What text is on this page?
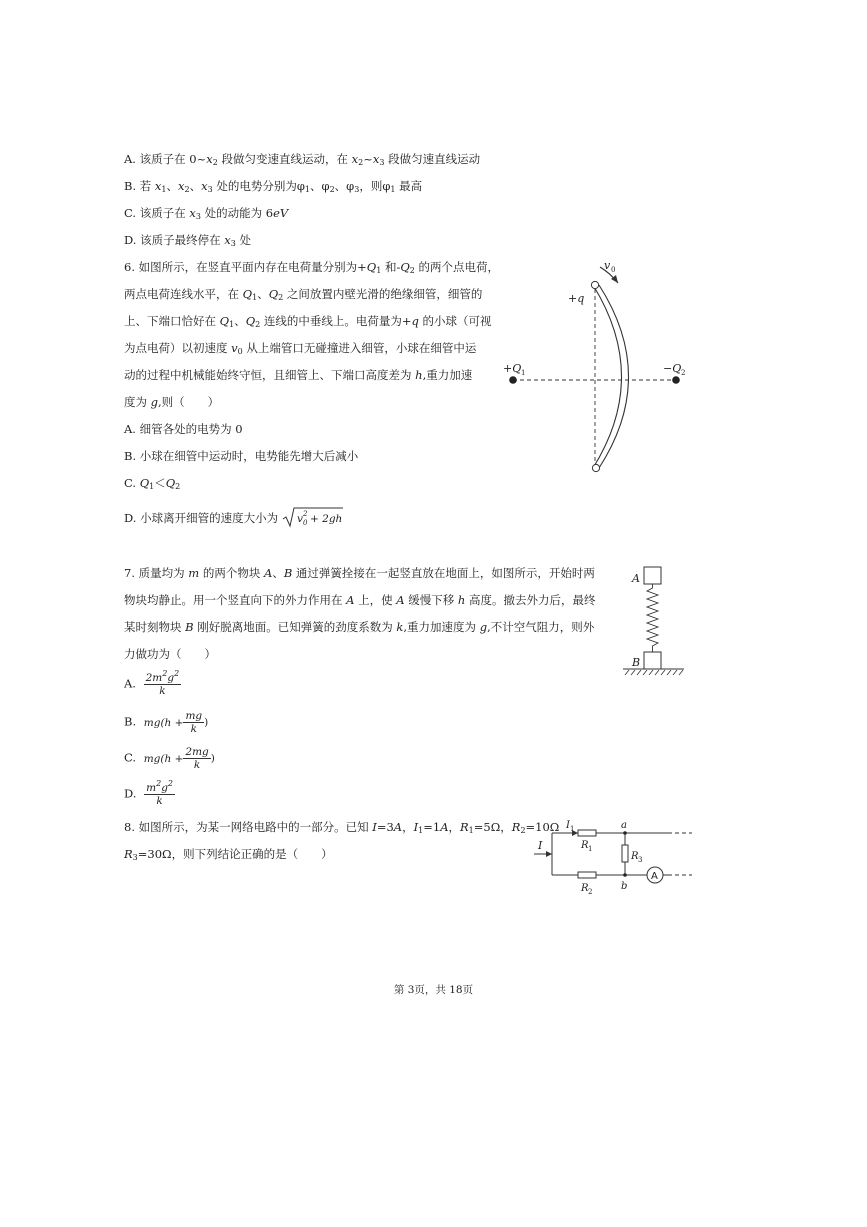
A. 该质子在 $0\sim x_2$ 段做匀变速直线运动，在 $x_2\sim x_3$ 段做匀速直线运动
B. 若 $x_1$、$x_2$、$x_3$ 处的电势分别为$\varphi_1$、$\varphi_2$、$\varphi_3$，则$\varphi_1$ 最高
C. 该质子在 $x_3$ 处的动能为 6eV
D. 该质子最终停在 $x_3$ 处
6. 如图所示，在竖直平面内存在电荷量分别为$+Q_1$ 和$-Q_2$ 的两个点电荷，
两点电荷连线水平，在 $Q_1$、$Q_2$ 之间放置内壁光滑的绝缘细管，细管的
上、下端口恰好在 $Q_1$、$Q_2$ 连线的中垂线上。电荷量为+q 的小球（可视
为点电荷）以初速度 $v_0$ 从上端管口无碰撞进入细管，小球在细管中运
动的过程中机械能始终守恒，且细管上、下端口高度差为 h,重力加速
度为 g,则（　　）
A. 细管各处的电势为 0
B. 小球在细管中运动时，电势能先增大后减小
C. $Q_1<Q_2$
D. 小球离开细管的速度大小为 v 2
0 + 2gh
v 0
+q
+Q 1	−Q 2
7. 质量均为 m 的两个物块 A、B 通过弹簧拴接在一起竖直放在地面上，如图所示，开始时两
物块均静止。用一个竖直向下的外力作用在 A 上，使 A 缓慢下移 h 高度。撤去外力后，最终
某时刻物块 B 刚好脱离地面。已知弹簧的劲度系数为 k,重力加速度为 g,不计空气阻力，则外
力做功为（　　）
A. $\frac{2m^2g^2}{k}$
B. $mg(h + \frac{mg}{k}$ )
C. $mg(h + \frac{2mg}{k}$ )
D. $\frac{m^2g^2}{k}$
A
B
8. 如图所示，为某一网络电路中的一部分。已知 I=3A，$I_1=1A$，$R_1=5\Omega$，$R_2=10\Omega$
$R_3=30\Omega$，则下列结论正确的是（　　）
I
I 1
R 1
a
R 3
R 2	b
A
第 3页，共 18页
